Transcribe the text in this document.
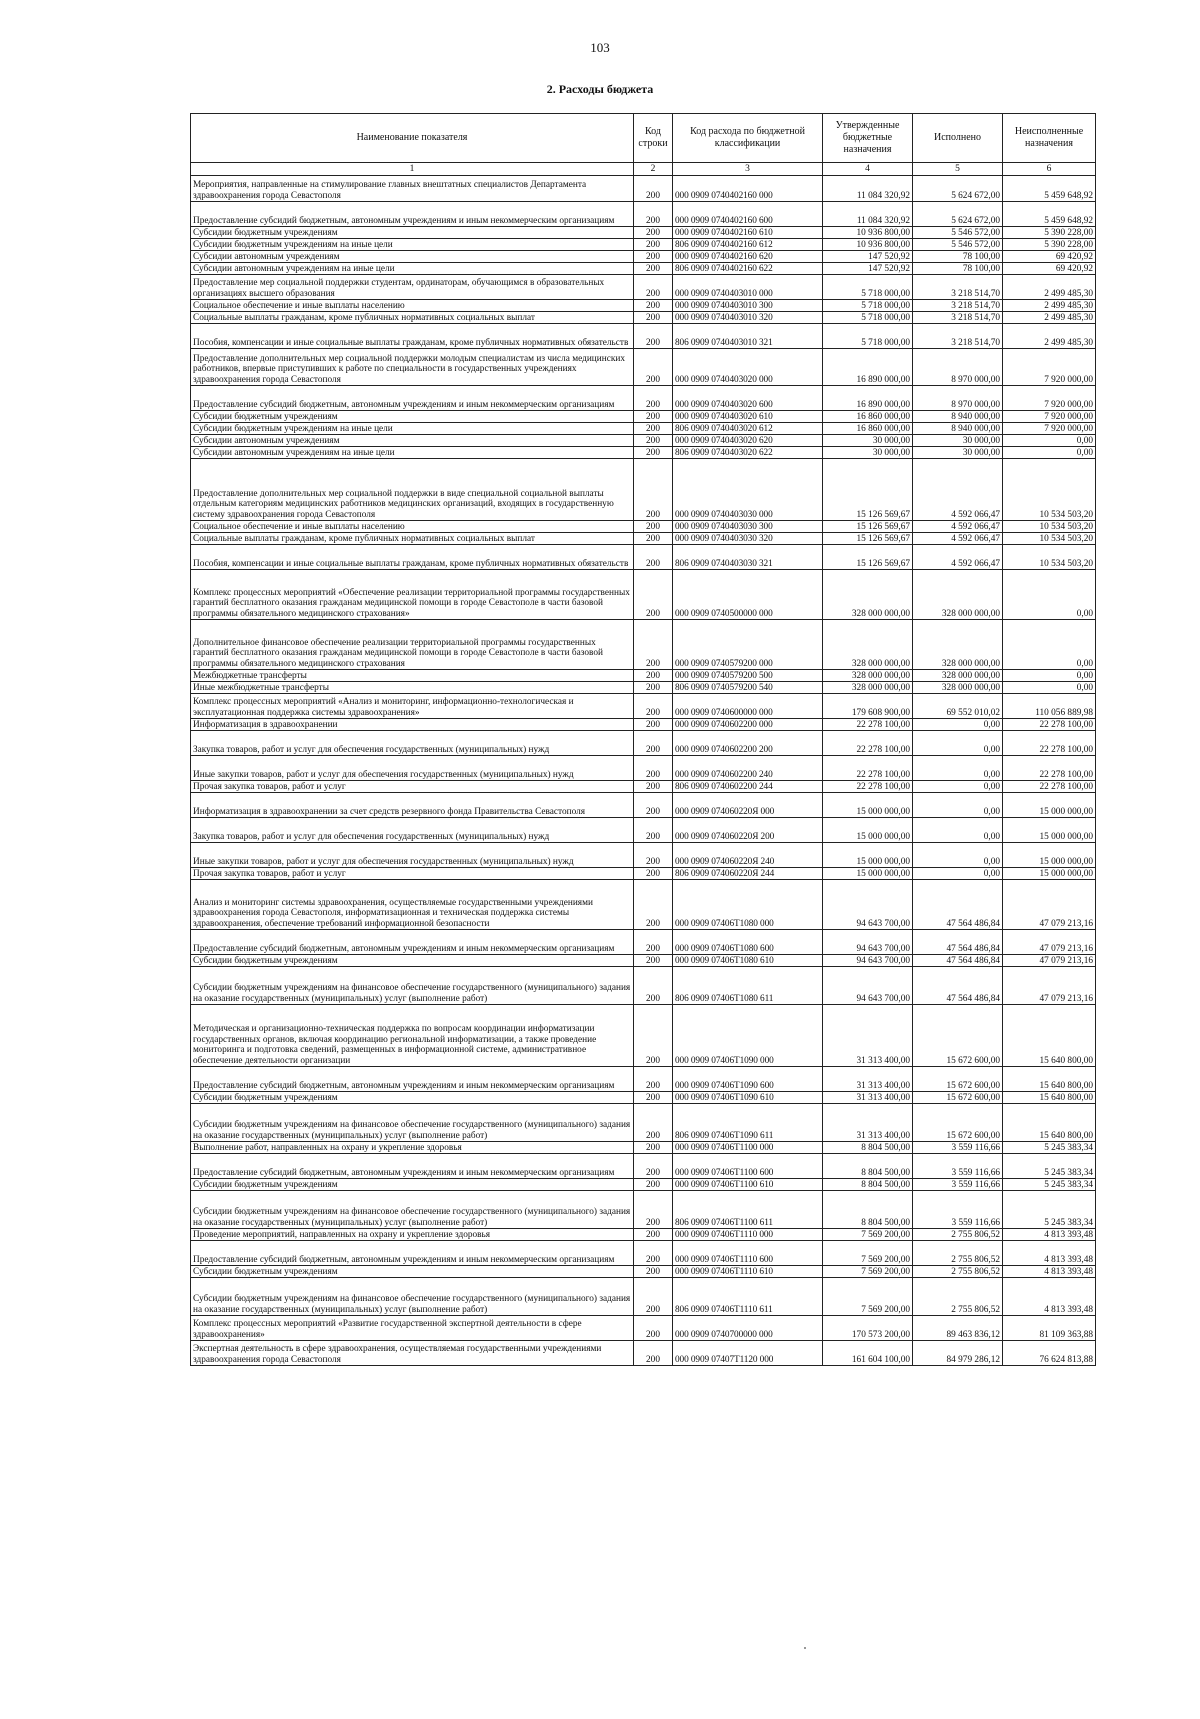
103
2. Расходы бюджета
Наименование показателя	Код строки	Код расхода по бюджетной классификации	Утвержденные бюджетные назначения	Исполнено	Неисполненные назначения
1	2	3	4	5	6
Мероприятия, направленные на стимулирование главных внештатных специалистов Департамента здравоохранения города Севастополя	200	000 0909 0740402160 000	11 084 320,92	5 624 672,00	5 459 648,92
Предоставление субсидий бюджетным, автономным учреждениям и иным некоммерческим организациям	200	000 0909 0740402160 600	11 084 320,92	5 624 672,00	5 459 648,92
Субсидии бюджетным учреждениям	200	000 0909 0740402160 610	10 936 800,00	5 546 572,00	5 390 228,00
Субсидии бюджетным учреждениям на иные цели	200	806 0909 0740402160 612	10 936 800,00	5 546 572,00	5 390 228,00
Субсидии автономным учреждениям	200	000 0909 0740402160 620	147 520,92	78 100,00	69 420,92
Субсидии автономным учреждениям на иные цели	200	806 0909 0740402160 622	147 520,92	78 100,00	69 420,92
Предоставление мер социальной поддержки студентам, ординаторам, обучающимся в образовательных организациях высшего образования	200	000 0909 0740403010 000	5 718 000,00	3 218 514,70	2 499 485,30
Социальное обеспечение и иные выплаты населению	200	000 0909 0740403010 300	5 718 000,00	3 218 514,70	2 499 485,30
Социальные выплаты гражданам, кроме публичных нормативных социальных выплат	200	000 0909 0740403010 320	5 718 000,00	3 218 514,70	2 499 485,30
Пособия, компенсации и иные социальные выплаты гражданам, кроме публичных нормативных обязательств	200	806 0909 0740403010 321	5 718 000,00	3 218 514,70	2 499 485,30
Предоставление дополнительных мер социальной поддержки молодым специалистам из числа медицинских работников, впервые приступивших к работе по специальности в государственных учреждениях здравоохранения города Севастополя	200	000 0909 0740403020 000	16 890 000,00	8 970 000,00	7 920 000,00
Предоставление субсидий бюджетным, автономным учреждениям и иным некоммерческим организациям	200	000 0909 0740403020 600	16 890 000,00	8 970 000,00	7 920 000,00
Субсидии бюджетным учреждениям	200	000 0909 0740403020 610	16 860 000,00	8 940 000,00	7 920 000,00
Субсидии бюджетным учреждениям на иные цели	200	806 0909 0740403020 612	16 860 000,00	8 940 000,00	7 920 000,00
Субсидии автономным учреждениям	200	000 0909 0740403020 620	30 000,00	30 000,00	0,00
Субсидии автономным учреждениям на иные цели	200	806 0909 0740403020 622	30 000,00	30 000,00	0,00
Предоставление дополнительных мер социальной поддержки в виде специальной социальной выплаты отдельным категориям медицинских работников медицинских организаций, входящих в государственную систему здравоохранения города Севастополя	200	000 0909 0740403030 000	15 126 569,67	4 592 066,47	10 534 503,20
Социальное обеспечение и иные выплаты населению	200	000 0909 0740403030 300	15 126 569,67	4 592 066,47	10 534 503,20
Социальные выплаты гражданам, кроме публичных нормативных социальных выплат	200	000 0909 0740403030 320	15 126 569,67	4 592 066,47	10 534 503,20
Пособия, компенсации и иные социальные выплаты гражданам, кроме публичных нормативных обязательств	200	806 0909 0740403030 321	15 126 569,67	4 592 066,47	10 534 503,20
Комплекс процессных мероприятий «Обеспечение реализации территориальной программы государственных гарантий бесплатного оказания гражданам медицинской помощи в городе Севастополе в части базовой программы обязательного медицинского страхования»	200	000 0909 0740500000 000	328 000 000,00	328 000 000,00	0,00
Дополнительное финансовое обеспечение реализации территориальной программы государственных гарантий бесплатного оказания гражданам медицинской помощи в городе Севастополе в части базовой программы обязательного медицинского страхования	200	000 0909 0740579200 000	328 000 000,00	328 000 000,00	0,00
Межбюджетные трансферты	200	000 0909 0740579200 500	328 000 000,00	328 000 000,00	0,00
Иные межбюджетные трансферты	200	806 0909 0740579200 540	328 000 000,00	328 000 000,00	0,00
Комплекс процессных мероприятий «Анализ и мониторинг, информационно-технологическая и эксплуатационная поддержка системы здравоохранения»	200	000 0909 0740600000 000	179 608 900,00	69 552 010,02	110 056 889,98
Информатизация в здравоохранении	200	000 0909 0740602200 000	22 278 100,00	0,00	22 278 100,00
Закупка товаров, работ и услуг для обеспечения государственных (муниципальных) нужд	200	000 0909 0740602200 200	22 278 100,00	0,00	22 278 100,00
Иные закупки товаров, работ и услуг для обеспечения государственных (муниципальных) нужд	200	000 0909 0740602200 240	22 278 100,00	0,00	22 278 100,00
Прочая закупка товаров, работ и услуг	200	806 0909 0740602200 244	22 278 100,00	0,00	22 278 100,00
Информатизация в здравоохранении за счет средств резервного фонда Правительства Севастополя	200	000 0909 074060220Я 000	15 000 000,00	0,00	15 000 000,00
Закупка товаров, работ и услуг для обеспечения государственных (муниципальных) нужд	200	000 0909 074060220Я 200	15 000 000,00	0,00	15 000 000,00
Иные закупки товаров, работ и услуг для обеспечения государственных (муниципальных) нужд	200	000 0909 074060220Я 240	15 000 000,00	0,00	15 000 000,00
Прочая закупка товаров, работ и услуг	200	806 0909 074060220Я 244	15 000 000,00	0,00	15 000 000,00
Анализ и мониторинг системы здравоохранения, осуществляемые государственными учреждениями здравоохранения города Севастополя, информатизационная и техническая поддержка системы здравоохранения, обеспечение требований информационной безопасности	200	000 0909 07406Т1080 000	94 643 700,00	47 564 486,84	47 079 213,16
Предоставление субсидий бюджетным, автономным учреждениям и иным некоммерческим организациям	200	000 0909 07406Т1080 600	94 643 700,00	47 564 486,84	47 079 213,16
Субсидии бюджетным учреждениям	200	000 0909 07406Т1080 610	94 643 700,00	47 564 486,84	47 079 213,16
Субсидии бюджетным учреждениям на финансовое обеспечение государственного (муниципального) задания на оказание государственных (муниципальных) услуг (выполнение работ)	200	806 0909 07406Т1080 611	94 643 700,00	47 564 486,84	47 079 213,16
Методическая и организационно-техническая поддержка по вопросам координации информатизации государственных органов, включая координацию региональной информатизации, а также проведение мониторинга и подготовка сведений, размещенных в информационной системе, административное обеспечение деятельности организации	200	000 0909 07406Т1090 000	31 313 400,00	15 672 600,00	15 640 800,00
Предоставление субсидий бюджетным, автономным учреждениям и иным некоммерческим организациям	200	000 0909 07406Т1090 600	31 313 400,00	15 672 600,00	15 640 800,00
Субсидии бюджетным учреждениям	200	000 0909 07406Т1090 610	31 313 400,00	15 672 600,00	15 640 800,00
Субсидии бюджетным учреждениям на финансовое обеспечение государственного (муниципального) задания на оказание государственных (муниципальных) услуг (выполнение работ)	200	806 0909 07406Т1090 611	31 313 400,00	15 672 600,00	15 640 800,00
Выполнение работ, направленных на охрану и укрепление здоровья	200	000 0909 07406Т1100 000	8 804 500,00	3 559 116,66	5 245 383,34
Предоставление субсидий бюджетным, автономным учреждениям и иным некоммерческим организациям	200	000 0909 07406Т1100 600	8 804 500,00	3 559 116,66	5 245 383,34
Субсидии бюджетным учреждениям	200	000 0909 07406Т1100 610	8 804 500,00	3 559 116,66	5 245 383,34
Субсидии бюджетным учреждениям на финансовое обеспечение государственного (муниципального) задания на оказание государственных (муниципальных) услуг (выполнение работ)	200	806 0909 07406Т1100 611	8 804 500,00	3 559 116,66	5 245 383,34
Проведение мероприятий, направленных на охрану и укрепление здоровья	200	000 0909 07406Т1110 000	7 569 200,00	2 755 806,52	4 813 393,48
Предоставление субсидий бюджетным, автономным учреждениям и иным некоммерческим организациям	200	000 0909 07406Т1110 600	7 569 200,00	2 755 806,52	4 813 393,48
Субсидии бюджетным учреждениям	200	000 0909 07406Т1110 610	7 569 200,00	2 755 806,52	4 813 393,48
Субсидии бюджетным учреждениям на финансовое обеспечение государственного (муниципального) задания на оказание государственных (муниципальных) услуг (выполнение работ)	200	806 0909 07406Т1110 611	7 569 200,00	2 755 806,52	4 813 393,48
Комплекс процессных мероприятий «Развитие государственной экспертной деятельности в сфере здравоохранения»	200	000 0909 0740700000 000	170 573 200,00	89 463 836,12	81 109 363,88
Экспертная деятельность в сфере здравоохранения, осуществляемая государственными учреждениями здравоохранения города Севастополя	200	000 0909 07407Т1120 000	161 604 100,00	84 979 286,12	76 624 813,88
